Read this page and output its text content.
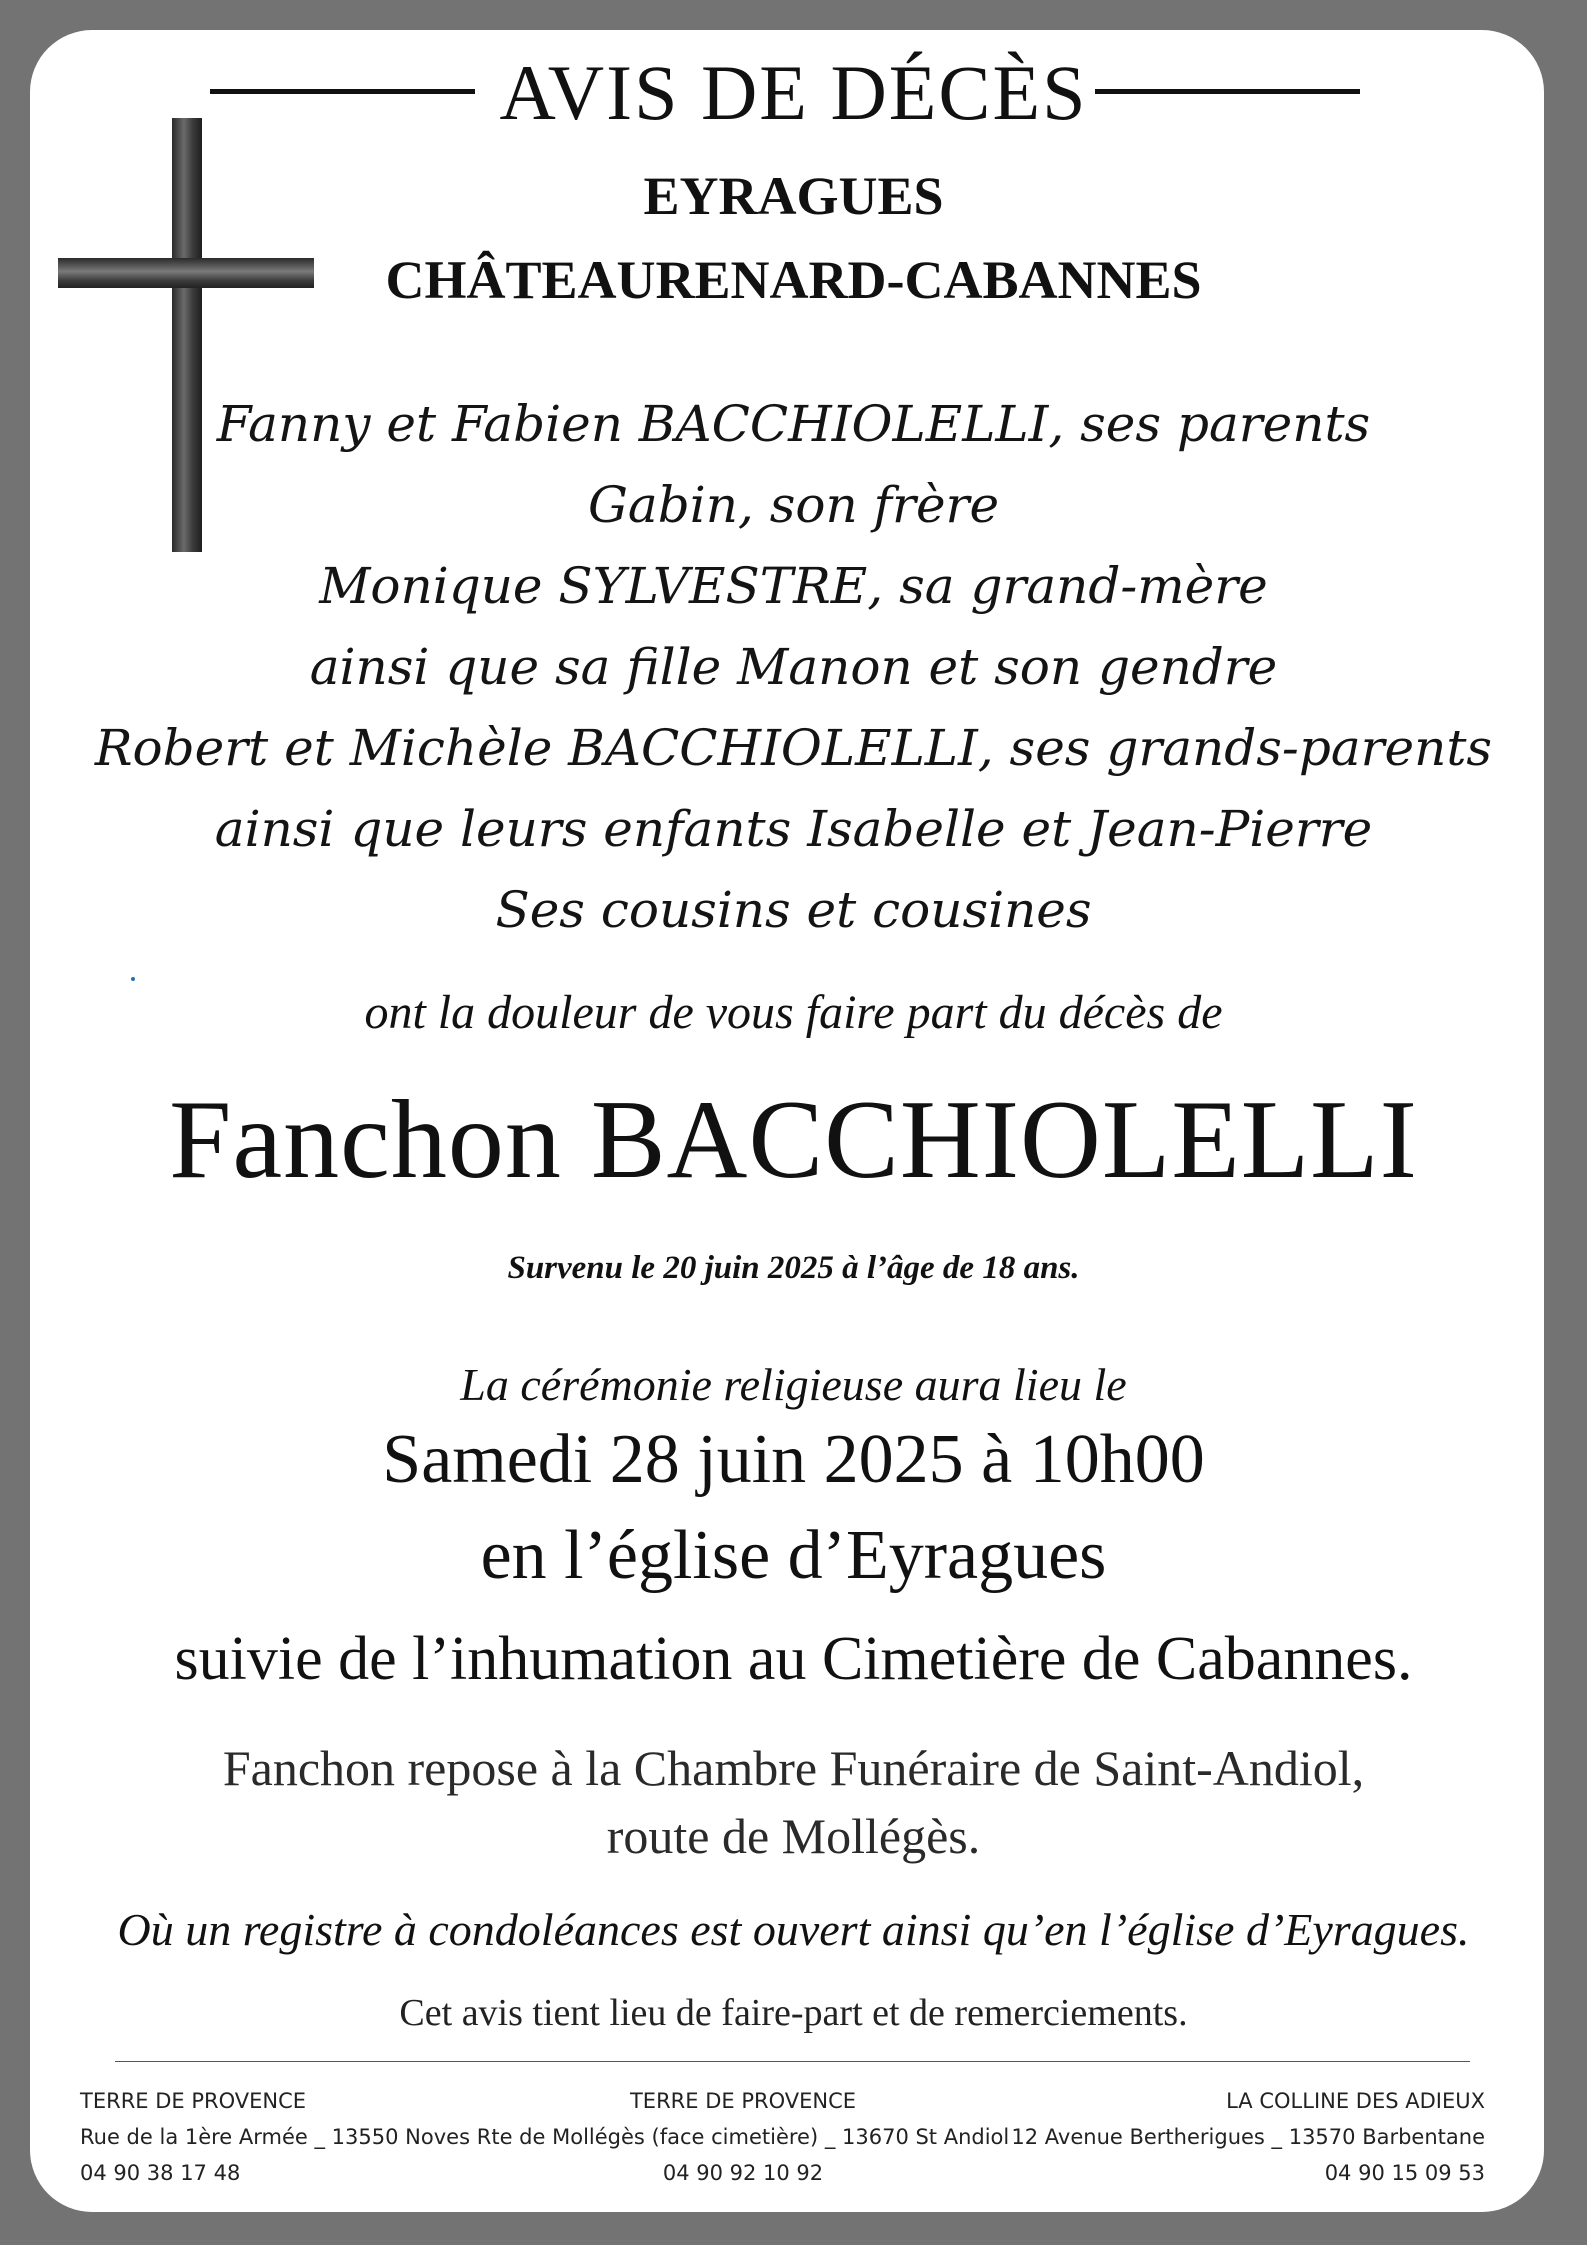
AVIS DE DÉCÈS
EYRAGUES
CHÂTEAURENARD-CABANNES
Fanny et Fabien BACCHIOLELLI, ses parents
Gabin, son frère
Monique SYLVESTRE, sa grand-mère
ainsi que sa fille Manon et son gendre
Robert et Michèle BACCHIOLELLI, ses grands-parents
ainsi que leurs enfants Isabelle et Jean-Pierre
Ses cousins et cousines
ont la douleur de vous faire part du décès de
Fanchon BACCHIOLELLI
Survenu le 20 juin 2025 à l’âge de 18 ans.
La cérémonie religieuse aura lieu le
Samedi 28 juin 2025 à 10h00
en l’église d’Eyragues
suivie de l’inhumation au Cimetière de Cabannes.
Fanchon repose à la Chambre Funéraire de Saint-Andiol,
route de Mollégès.
Où un registre à condoléances est ouvert ainsi qu’en l’église d’Eyragues.
Cet avis tient lieu de faire-part et de remerciements.
TERRE DE PROVENCE
Rue de la 1ère Armée _ 13550 Noves
04 90 38 17 48
TERRE DE PROVENCE
Rte de Mollégès (face cimetière) _ 13670 St Andiol
04 90 92 10 92
LA COLLINE DES ADIEUX
12 Avenue Bertherigues _ 13570 Barbentane
04 90 15 09 53
